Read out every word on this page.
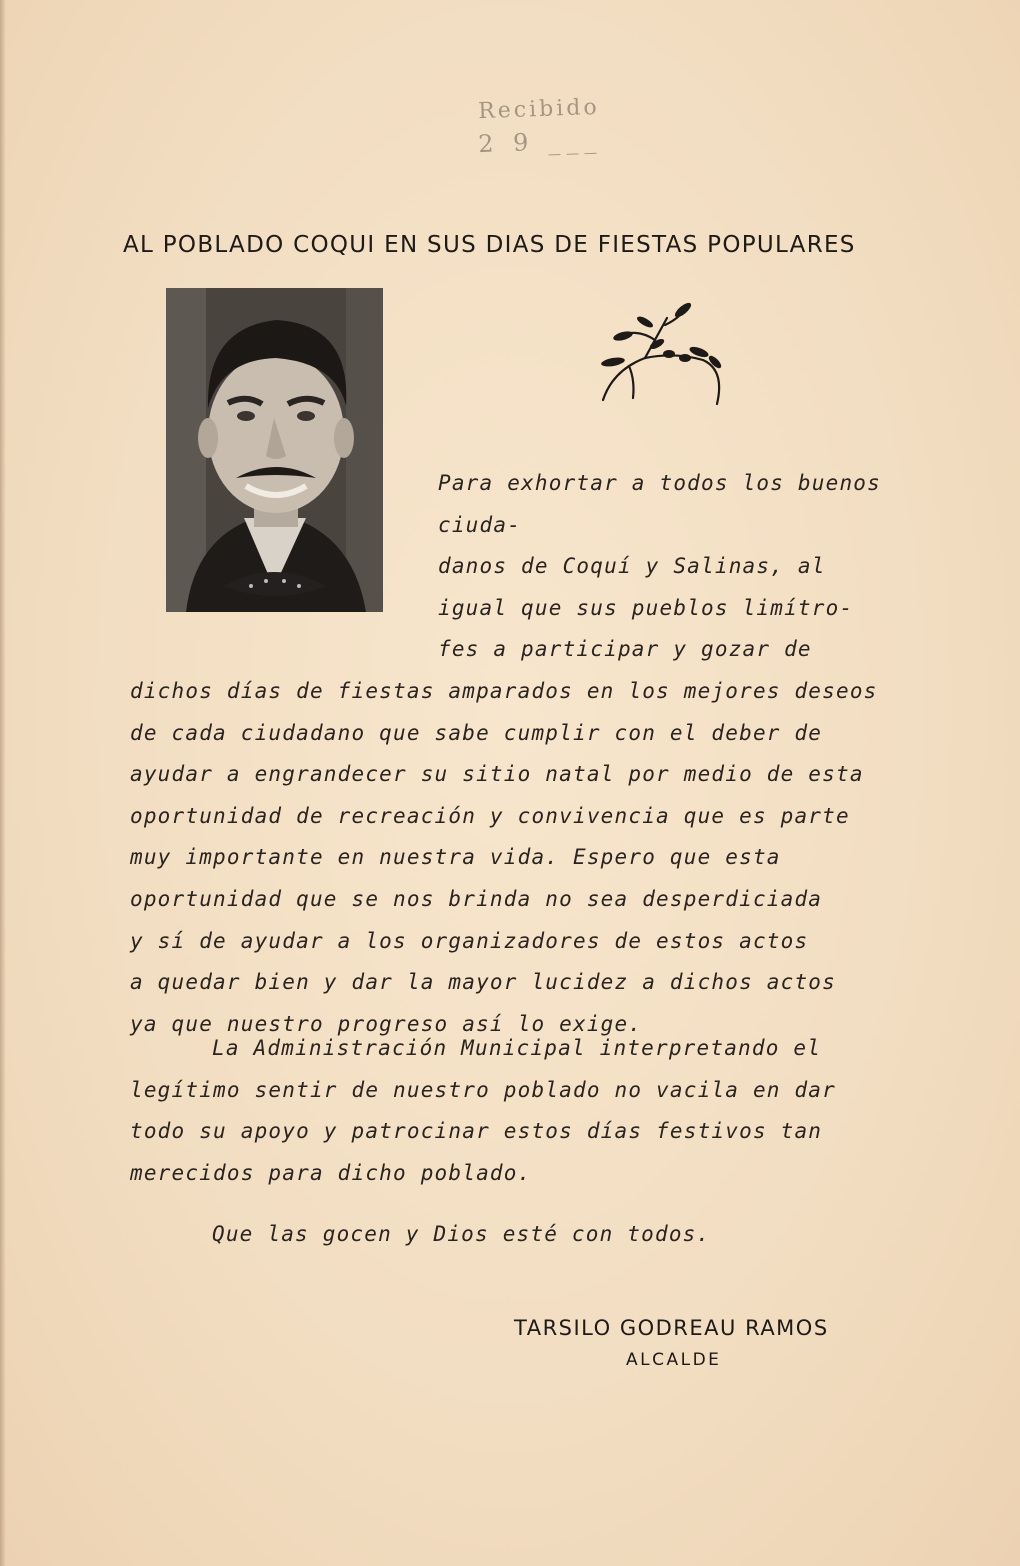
Recibido
2 9 ___
AL POBLADO COQUI EN SUS DIAS DE FIESTAS POPULARES
Para exhortar a todos los buenos ciuda-
danos de Coquí y Salinas, al
igual que sus pueblos limítro-
fes a participar y gozar de
dichos días de fiestas amparados en los mejores deseos
de cada ciudadano que sabe cumplir con el deber de
ayudar a engrandecer su sitio natal por medio de esta
oportunidad de recreación y convivencia que es parte
muy importante en nuestra vida. Espero que esta
oportunidad que se nos brinda no sea desperdiciada
y sí de ayudar a los organizadores de estos actos
a quedar bien y dar la mayor lucidez a dichos actos
ya que nuestro progreso así lo exige.
La Administración Municipal interpretando el
legítimo sentir de nuestro poblado no vacila en dar
todo su apoyo y patrocinar estos días festivos tan
merecidos para dicho poblado.
Que las gocen y Dios esté con todos.
TARSILO GODREAU RAMOS
ALCALDE
